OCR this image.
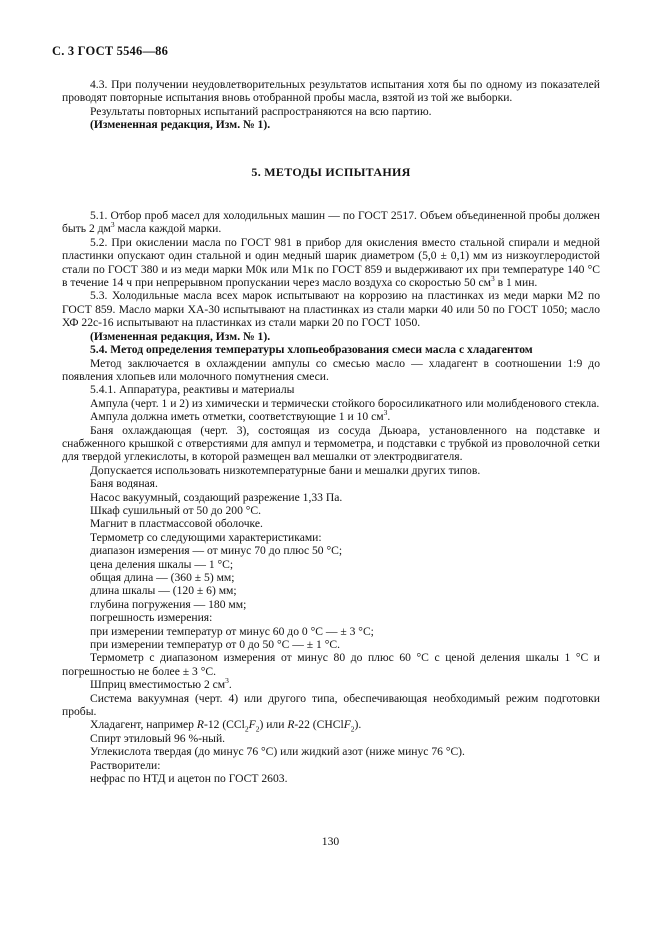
С. 3 ГОСТ 5546—86

4.3. При получении неудовлетворительных результатов испытания хотя бы по одному из показателей проводят повторные испытания вновь отобранной пробы масла, взятой из той же выборки.

Результаты повторных испытаний распространяются на всю партию.

(Измененная редакция, Изм. № 1).

5. МЕТОДЫ ИСПЫТАНИЯ

5.1. Отбор проб масел для холодильных машин — по ГОСТ 2517. Объем объединенной пробы должен быть 2 $дм^3$ масла каждой марки.

5.2. При окислении масла по ГОСТ 981 в прибор для окисления вместо стальной спирали и медной пластинки опускают один стальной и один медный шарик диаметром (5,0 ± 0,1) мм из низкоуглеродистой стали по ГОСТ 380 и из меди марки М0к или М1к по ГОСТ 859 и выдерживают их при температуре 140 °С в течение 14 ч при непрерывном пропускании через масло воздуха со скоростью 50 $см^3$ в 1 мин.

5.3. Холодильные масла всех марок испытывают на коррозию на пластинках из меди марки М2 по ГОСТ 859. Масло марки ХА-30 испытывают на пластинках из стали марки 40 или 50 по ГОСТ 1050; масло ХФ 22с-16 испытывают на пластинках из стали марки 20 по ГОСТ 1050.

(Измененная редакция, Изм. № 1).

5.4. Метод определения температуры хлопьеобразования смеси масла с хладагентом

Метод заключается в охлаждении ампулы со смесью масло — хладагент в соотношении 1:9 до появления хлопьев или молочного помутнения смеси.

5.4.1. Аппаратура, реактивы и материалы

Ампула (черт. 1 и 2) из химически и термически стойкого боросиликатного или молибденового стекла.

Ампула должна иметь отметки, соответствующие 1 и 10 $см^3$.

Баня охлаждающая (черт. 3), состоящая из сосуда Дьюара, установленного на подставке и снабженного крышкой с отверстиями для ампул и термометра, и подставки с трубкой из проволочной сетки для твердой углекислоты, в которой размещен вал мешалки от электродвигателя.

Допускается использовать низкотемпературные бани и мешалки других типов.

Баня водяная.

Насос вакуумный, создающий разрежение 1,33 Па.

Шкаф сушильный от 50 до 200 °С.

Магнит в пластмассовой оболочке.

Термометр со следующими характеристиками:

диапазон измерения — от минус 70 до плюс 50 °С;

цена деления шкалы — 1 °С;

общая длина — (360 ± 5) мм;

длина шкалы — (120 ± 6) мм;

глубина погружения — 180 мм;

погрешность измерения:

при измерении температур от минус 60 до 0 °С — ± 3 °С;

при измерении температур от 0 до 50 °С — ± 1 °С.

Термометр с диапазоном измерения от минус 80 до плюс 60 °С с ценой деления шкалы 1 °С и погрешностью не более ± 3 °С.

Шприц вместимостью 2 $см^3$.

Система вакуумная (черт. 4) или другого типа, обеспечивающая необходимый режим подготовки пробы.

Хладагент, например R-12 $(CCl_2F_2)$ или R-22 (CHClF$_2$).

Спирт этиловый 96 %-ный.

Углекислота твердая (до минус 76 °С) или жидкий азот (ниже минус 76 °С).

Растворители:

нефрас по НТД и ацетон по ГОСТ 2603.

130
